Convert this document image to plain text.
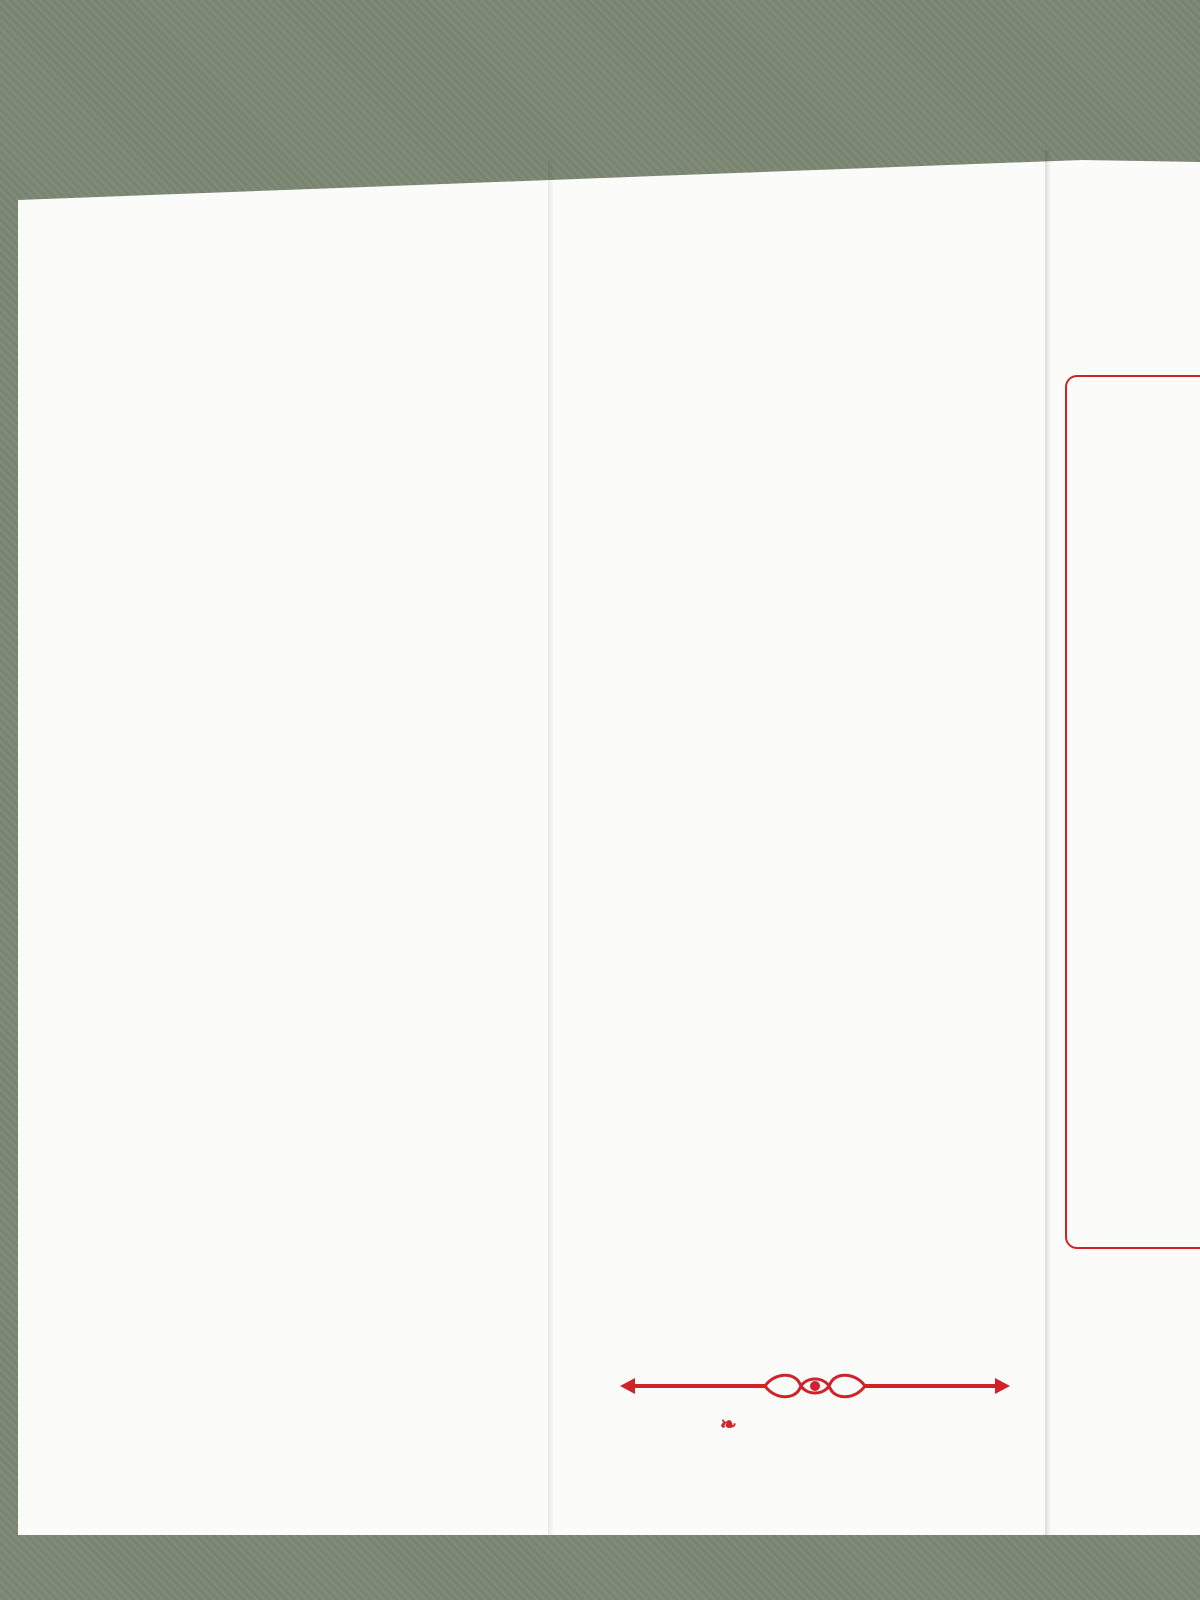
❧
